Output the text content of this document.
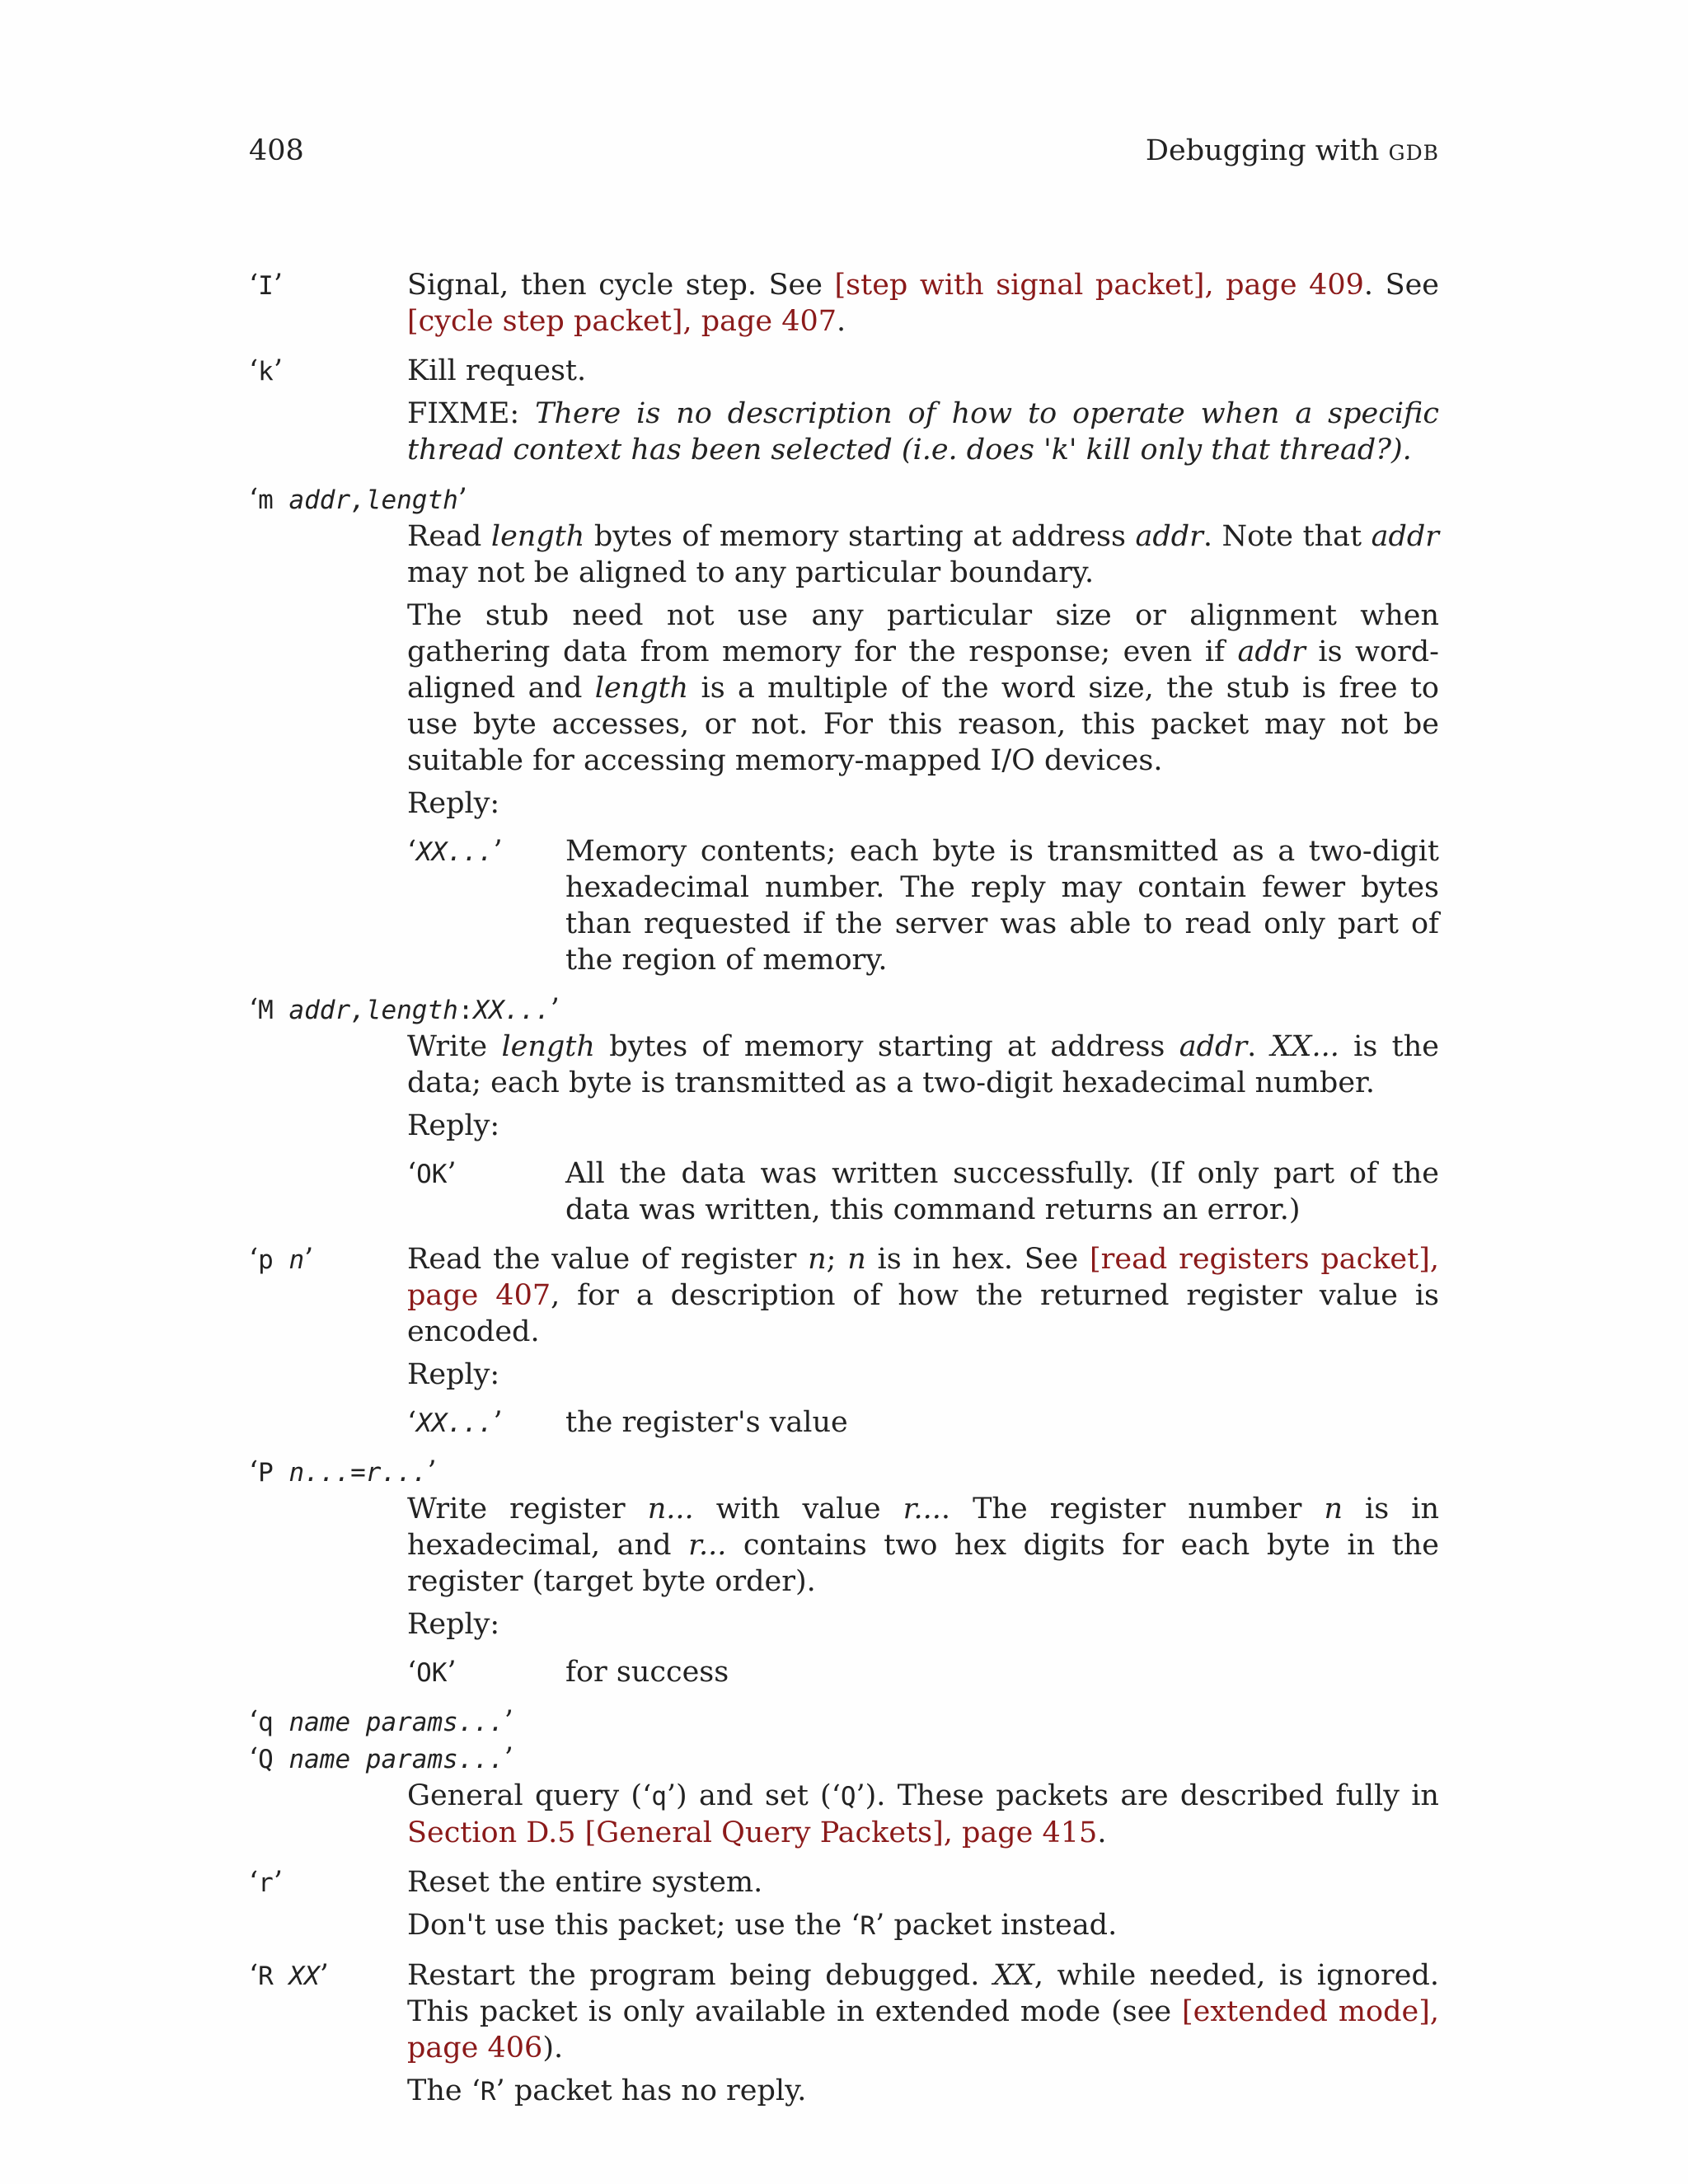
408	Debugging with gdb
‘I’	Signal, then cycle step. See [step with signal packet], page 409. See [cycle step packet], page 407.

‘k’	Kill request.

FIXME: There is no description of how to operate when a specific thread context has been selected (i.e. does 'k' kill only that thread?).

‘m addr,length’

Read length bytes of memory starting at address addr. Note that addr may not be aligned to any particular boundary.

The stub need not use any particular size or alignment when gathering data from memory for the response; even if addr is word-aligned and length is a multiple of the word size, the stub is free to use byte accesses, or not. For this reason, this packet may not be suitable for accessing memory-mapped I/O devices.

Reply:

‘XX...’ Memory contents; each byte is transmitted as a two-digit hexadecimal number. The reply may contain fewer bytes than requested if the server was able to read only part of the region of memory.
‘M addr,length:XX...’

Write length bytes of memory starting at address addr. XX... is the data; each byte is transmitted as a two-digit hexadecimal number.

Reply:

‘OK’	All the data was written successfully. (If only part of the data was written, this command returns an error.)
‘p n’	Read the value of register n; n is in hex. See [read registers packet], page 407, for a description of how the returned register value is encoded.

Reply:

‘XX...’ the register's value
‘P n...=r...’

Write register n... with value r.... The register number n is in hexadecimal, and r... contains two hex digits for each byte in the register (target byte order).

Reply:

‘OK’	for success
‘q name params...’
‘Q name params...’

General query (‘q’) and set (‘Q’). These packets are described fully in Section D.5 [General Query Packets], page 415.

‘r’	Reset the entire system.

Don't use this packet; use the ‘R’ packet instead.

‘R XX’	Restart the program being debugged. XX, while needed, is ignored. This packet is only available in extended mode (see [extended mode], page 406).

The ‘R’ packet has no reply.
